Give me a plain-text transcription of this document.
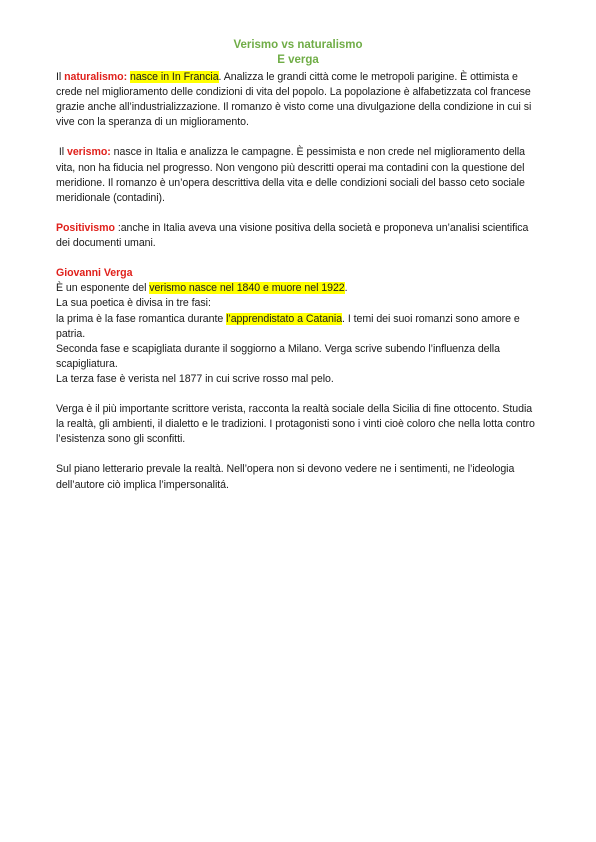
Verismo vs naturalismo
E verga

Il naturalismo: nasce in In Francia. Analizza le grandi città come le metropoli parigine. È ottimista e crede nel miglioramento delle condizioni di vita del popolo. La popolazione è alfabetizzata col francese grazie anche all’industrializzazione. Il romanzo è visto come una divulgazione della condizione in cui si vive con la speranza di un miglioramento.

Il verismo: nasce in Italia e analizza le campagne. È pessimista e non crede nel miglioramento della vita, non ha fiducia nel progresso. Non vengono più descritti operai ma contadini con la questione del meridione. Il romanzo è un’opera descrittiva della vita e delle condizioni sociali del basso ceto sociale meridionale (contadini).

Positivismo :anche in Italia aveva una visione positiva della società e proponeva un’analisi scientifica dei documenti umani.

Giovanni Verga
È un esponente del verismo nasce nel 1840 e muore nel 1922.
La sua poetica è divisa in tre fasi:
la prima è la fase romantica durante l’apprendistato a Catania. I temi dei suoi romanzi sono amore e patria.
Seconda fase e scapigliata durante il soggiorno a Milano. Verga scrive subendo l’influenza della scapigliatura.
La terza fase è verista nel 1877 in cui scrive rosso mal pelo.

Verga è il più importante scrittore verista, racconta la realtà sociale della Sicilia di fine ottocento. Studia la realtà, gli ambienti, il dialetto e le tradizioni. I protagonisti sono i vinti cioè coloro che nella lotta contro l’esistenza sono gli sconfitti.

Sul piano letterario prevale la realtà. Nell’opera non si devono vedere ne i sentimenti, ne l’ideologia dell’autore ciò implica l’impersonalitá.
